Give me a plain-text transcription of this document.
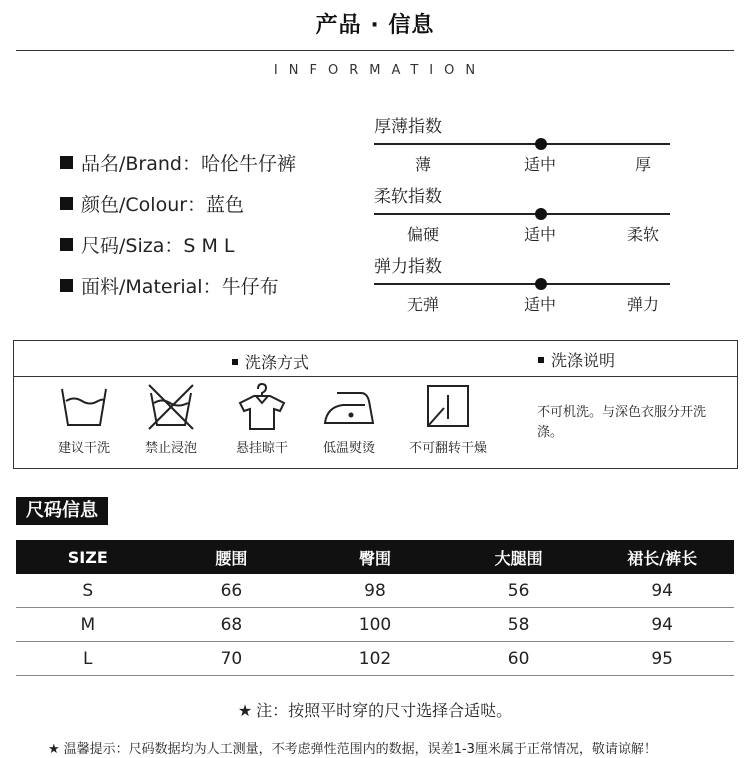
产品 · 信息
INFORMATION
品名/Brand：哈伦牛仔裤
颜色/Colour：蓝色
尺码/Siza：S M L
面料/Material：牛仔布
厚薄指数
薄	适中	厚
柔软指数
偏硬	适中	柔软
弹力指数
无弹	适中	弹力
洗涤方式	洗涤说明
建议干洗	禁止浸泡	悬挂晾干	低温熨烫	不可翻转干燥
不可机洗。与深色衣服分开洗涤。
尺码信息
SIZE	腰围	臀围	大腿围	裙长/裤长
S	66	98	56	94
M	68	100	58	94
L	70	102	60	95
★ 注：按照平时穿的尺寸选择合适哒。
★ 温馨提示：尺码数据均为人工测量，不考虑弹性范围内的数据，误差1-3厘米属于正常情况，敬请谅解！
